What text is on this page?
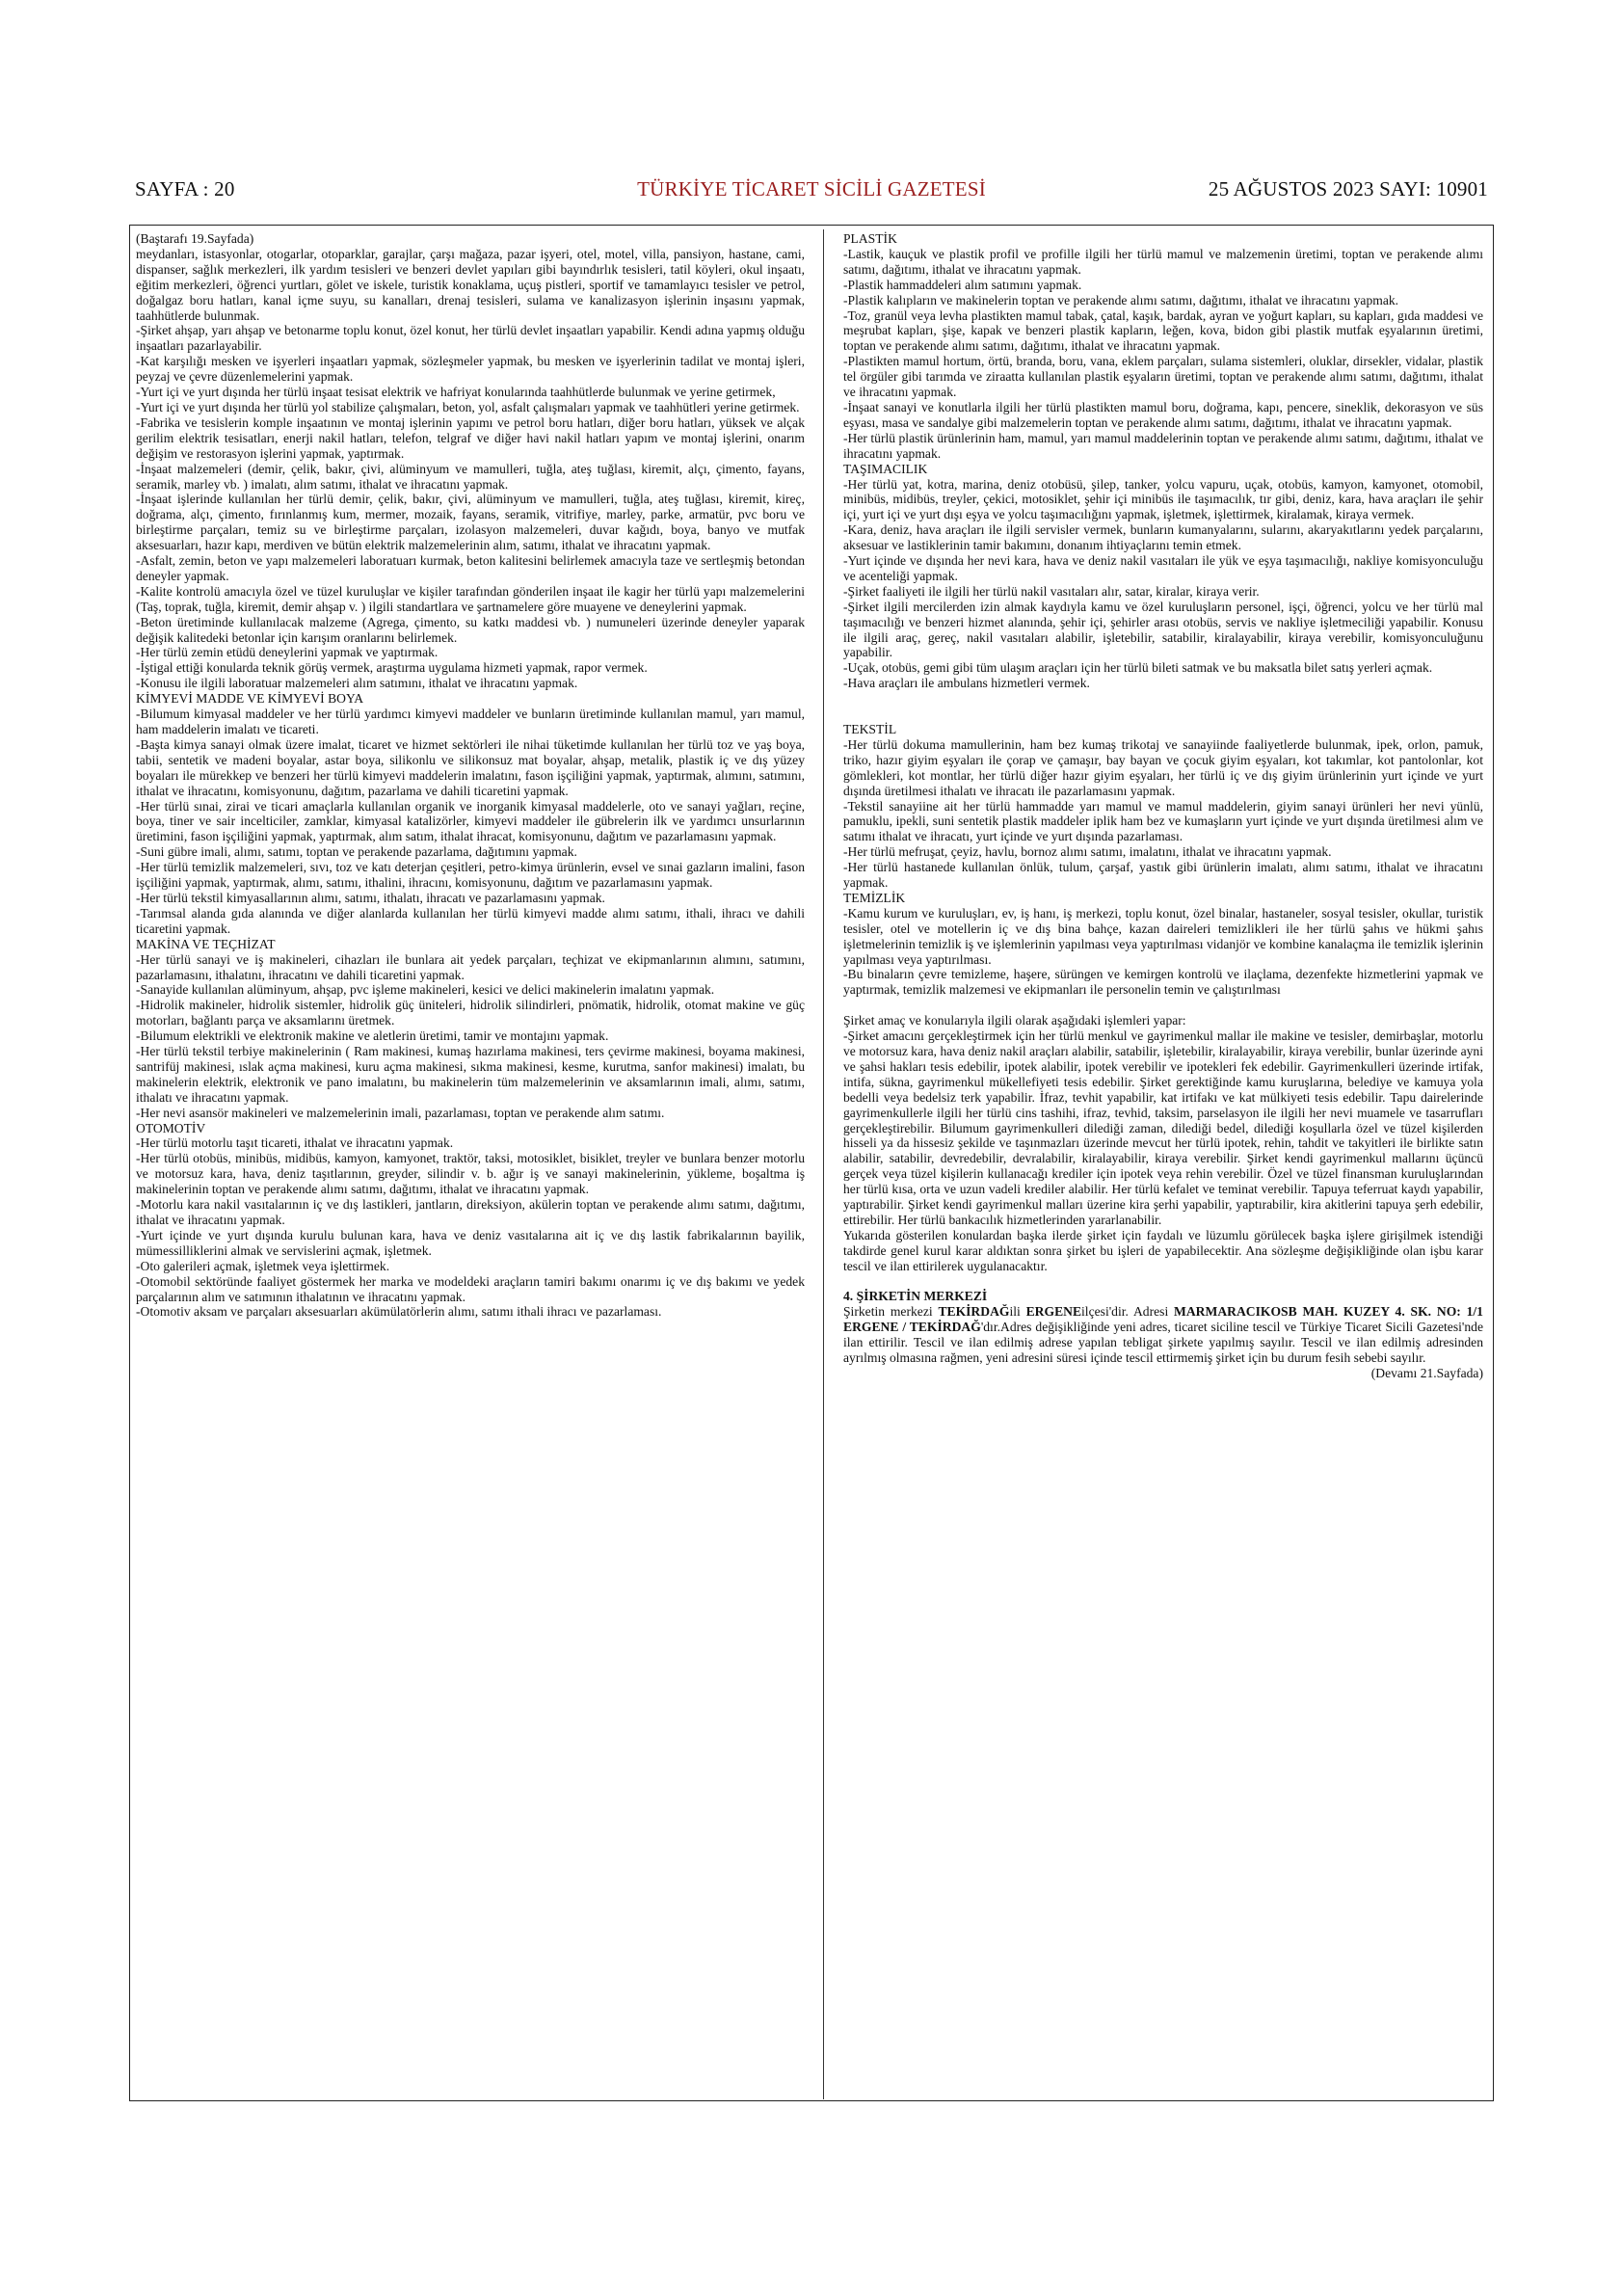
SAYFA : 20	TÜRKİYE TİCARET SİCİLİ GAZETESİ	25 AĞUSTOS 2023 SAYI: 10901

(Baştarafı 19.Sayfada)

meydanları, istasyonlar, otogarlar, otoparklar, garajlar, çarşı mağaza, pazar işyeri, otel, motel, villa, pansiyon, hastane, cami, dispanser, sağlık merkezleri, ilk yardım tesisleri ve benzeri devlet yapıları gibi bayındırlık tesisleri, tatil köyleri, okul inşaatı, eğitim merkezleri, öğrenci yurtları, gölet ve iskele, turistik konaklama, uçuş pistleri, sportif ve tamamlayıcı tesisler ve petrol, doğalgaz boru hatları, kanal içme suyu, su kanalları, drenaj tesisleri, sulama ve kanalizasyon işlerinin inşasını yapmak, taahhütlerde bulunmak.

-Şirket ahşap, yarı ahşap ve betonarme toplu konut, özel konut, her türlü devlet inşaatları yapabilir. Kendi adına yapmış olduğu inşaatları pazarlayabilir.

-Kat karşılığı mesken ve işyerleri inşaatları yapmak, sözleşmeler yapmak, bu mesken ve işyerlerinin tadilat ve montaj işleri, peyzaj ve çevre düzenlemelerini yapmak.

-Yurt içi ve yurt dışında her türlü inşaat tesisat elektrik ve hafriyat konularında taahhütlerde bulunmak ve yerine getirmek,

-Yurt içi ve yurt dışında her türlü yol stabilize çalışmaları, beton, yol, asfalt çalışmaları yapmak ve taahhütleri yerine getirmek.

-Fabrika ve tesislerin komple inşaatının ve montaj işlerinin yapımı ve petrol boru hatları, diğer boru hatları, yüksek ve alçak gerilim elektrik tesisatları, enerji nakil hatları, telefon, telgraf ve diğer havi nakil hatları yapım ve montaj işlerini, onarım değişim ve restorasyon işlerini yapmak, yaptırmak.

-İnşaat malzemeleri (demir, çelik, bakır, çivi, alüminyum ve mamulleri, tuğla, ateş tuğlası, kiremit, alçı, çimento, fayans, seramik, marley vb. ) imalatı, alım satımı, ithalat ve ihracatını yapmak.

-İnşaat işlerinde kullanılan her türlü demir, çelik, bakır, çivi, alüminyum ve mamulleri, tuğla, ateş tuğlası, kiremit, kireç, doğrama, alçı, çimento, fırınlanmış kum, mermer, mozaik, fayans, seramik, vitrifiye, marley, parke, armatür, pvc boru ve birleştirme parçaları, temiz su ve birleştirme parçaları, izolasyon malzemeleri, duvar kağıdı, boya, banyo ve mutfak aksesuarları, hazır kapı, merdiven ve bütün elektrik malzemelerinin alım, satımı, ithalat ve ihracatını yapmak.

-Asfalt, zemin, beton ve yapı malzemeleri laboratuarı kurmak, beton kalitesini belirlemek amacıyla taze ve sertleşmiş betondan deneyler yapmak.

-Kalite kontrolü amacıyla özel ve tüzel kuruluşlar ve kişiler tarafından gönderilen inşaat ile kagir her türlü yapı malzemelerini (Taş, toprak, tuğla, kiremit, demir ahşap v. ) ilgili standartlara ve şartnamelere göre muayene ve deneylerini yapmak.

-Beton üretiminde kullanılacak malzeme (Agrega, çimento, su katkı maddesi vb. ) numuneleri üzerinde deneyler yaparak değişik kalitedeki betonlar için karışım oranlarını belirlemek.

-Her türlü zemin etüdü deneylerini yapmak ve yaptırmak.

-İştigal ettiği konularda teknik görüş vermek, araştırma uygulama hizmeti yapmak, rapor vermek.

-Konusu ile ilgili laboratuar malzemeleri alım satımını, ithalat ve ihracatını yapmak.

KİMYEVİ MADDE VE KİMYEVİ BOYA

-Bilumum kimyasal maddeler ve her türlü yardımcı kimyevi maddeler ve bunların üretiminde kullanılan mamul, yarı mamul, ham maddelerin imalatı ve ticareti.

-Başta kimya sanayi olmak üzere imalat, ticaret ve hizmet sektörleri ile nihai tüketimde kullanılan her türlü toz ve yaş boya, tabii, sentetik ve madeni boyalar, astar boya, silikonlu ve silikonsuz mat boyalar, ahşap, metalik, plastik iç ve dış yüzey boyaları ile mürekkep ve benzeri her türlü kimyevi maddelerin imalatını, fason işçiliğini yapmak, yaptırmak, alımını, satımını, ithalat ve ihracatını, komisyonunu, dağıtım, pazarlama ve dahili ticaretini yapmak.

-Her türlü sınai, zirai ve ticari amaçlarla kullanılan organik ve inorganik kimyasal maddelerle, oto ve sanayi yağları, reçine, boya, tiner ve sair incelticiler, zamklar, kimyasal katalizörler, kimyevi maddeler ile gübrelerin ilk ve yardımcı unsurlarının üretimini, fason işçiliğini yapmak, yaptırmak, alım satım, ithalat ihracat, komisyonunu, dağıtım ve pazarlamasını yapmak.

-Suni gübre imali, alımı, satımı, toptan ve perakende pazarlama, dağıtımını yapmak.

-Her türlü temizlik malzemeleri, sıvı, toz ve katı deterjan çeşitleri, petro-kimya ürünlerin, evsel ve sınai gazların imalini, fason işçiliğini yapmak, yaptırmak, alımı, satımı, ithalini, ihracını, komisyonunu, dağıtım ve pazarlamasını yapmak.

-Her türlü tekstil kimyasallarının alımı, satımı, ithalatı, ihracatı ve pazarlamasını yapmak.

-Tarımsal alanda gıda alanında ve diğer alanlarda kullanılan her türlü kimyevi madde alımı satımı, ithali, ihracı ve dahili ticaretini yapmak.

MAKİNA VE TEÇHİZAT

-Her türlü sanayi ve iş makineleri, cihazları ile bunlara ait yedek parçaları, teçhizat ve ekipmanlarının alımını, satımını, pazarlamasını, ithalatını, ihracatını ve dahili ticaretini yapmak.

-Sanayide kullanılan alüminyum, ahşap, pvc işleme makineleri, kesici ve delici makinelerin imalatını yapmak.

-Hidrolik makineler, hidrolik sistemler, hidrolik güç üniteleri, hidrolik silindirleri, pnömatik, hidrolik, otomat makine ve güç motorları, bağlantı parça ve aksamlarını üretmek.

-Bilumum elektrikli ve elektronik makine ve aletlerin üretimi, tamir ve montajını yapmak.

-Her türlü tekstil terbiye makinelerinin ( Ram makinesi, kumaş hazırlama makinesi, ters çevirme makinesi, boyama makinesi, santrifüj makinesi, ıslak açma makinesi, kuru açma makinesi, sıkma makinesi, kesme, kurutma, sanfor makinesi) imalatı, bu makinelerin elektrik, elektronik ve pano imalatını, bu makinelerin tüm malzemelerinin ve aksamlarının imali, alımı, satımı, ithalatı ve ihracatını yapmak.

-Her nevi asansör makineleri ve malzemelerinin imali, pazarlaması, toptan ve perakende alım satımı.

OTOMOTİV

-Her türlü motorlu taşıt ticareti, ithalat ve ihracatını yapmak.

-Her türlü otobüs, minibüs, midibüs, kamyon, kamyonet, traktör, taksi, motosiklet, bisiklet, treyler ve bunlara benzer motorlu ve motorsuz kara, hava, deniz taşıtlarının, greyder, silindir v. b. ağır iş ve sanayi makinelerinin, yükleme, boşaltma iş makinelerinin toptan ve perakende alımı satımı, dağıtımı, ithalat ve ihracatını yapmak.

-Motorlu kara nakil vasıtalarının iç ve dış lastikleri, jantların, direksiyon, akülerin toptan ve perakende alımı satımı, dağıtımı, ithalat ve ihracatını yapmak.

-Yurt içinde ve yurt dışında kurulu bulunan kara, hava ve deniz vasıtalarına ait iç ve dış lastik fabrikalarının bayilik, mümessilliklerini almak ve servislerini açmak, işletmek.

-Oto galerileri açmak, işletmek veya işlettirmek.

-Otomobil sektöründe faaliyet göstermek her marka ve modeldeki araçların tamiri bakımı onarımı iç ve dış bakımı ve yedek parçalarının alım ve satımının ithalatının ve ihracatını yapmak.

-Otomotiv aksam ve parçaları aksesuarları akümülatörlerin alımı, satımı ithali ihracı ve pazarlaması.

PLASTİK

-Lastik, kauçuk ve plastik profil ve profille ilgili her türlü mamul ve malzemenin üretimi, toptan ve perakende alımı satımı, dağıtımı, ithalat ve ihracatını yapmak.

-Plastik hammaddeleri alım satımını yapmak.

-Plastik kalıpların ve makinelerin toptan ve perakende alımı satımı, dağıtımı, ithalat ve ihracatını yapmak.

-Toz, granül veya levha plastikten mamul tabak, çatal, kaşık, bardak, ayran ve yoğurt kapları, su kapları, gıda maddesi ve meşrubat kapları, şişe, kapak ve benzeri plastik kapların, leğen, kova, bidon gibi plastik mutfak eşyalarının üretimi, toptan ve perakende alımı satımı, dağıtımı, ithalat ve ihracatını yapmak.

-Plastikten mamul hortum, örtü, branda, boru, vana, eklem parçaları, sulama sistemleri, oluklar, dirsekler, vidalar, plastik tel örgüler gibi tarımda ve ziraatta kullanılan plastik eşyaların üretimi, toptan ve perakende alımı satımı, dağıtımı, ithalat ve ihracatını yapmak.

-İnşaat sanayi ve konutlarla ilgili her türlü plastikten mamul boru, doğrama, kapı, pencere, sineklik, dekorasyon ve süs eşyası, masa ve sandalye gibi malzemelerin toptan ve perakende alımı satımı, dağıtımı, ithalat ve ihracatını yapmak.

-Her türlü plastik ürünlerinin ham, mamul, yarı mamul maddelerinin toptan ve perakende alımı satımı, dağıtımı, ithalat ve ihracatını yapmak.

TAŞIMACILIK

-Her türlü yat, kotra, marina, deniz otobüsü, şilep, tanker, yolcu vapuru, uçak, otobüs, kamyon, kamyonet, otomobil, minibüs, midibüs, treyler, çekici, motosiklet, şehir içi minibüs ile taşımacılık, tır gibi, deniz, kara, hava araçları ile şehir içi, yurt içi ve yurt dışı eşya ve yolcu taşımacılığını yapmak, işletmek, işlettirmek, kiralamak, kiraya vermek.

-Kara, deniz, hava araçları ile ilgili servisler vermek, bunların kumanyalarını, sularını, akaryakıtlarını yedek parçalarını, aksesuar ve lastiklerinin tamir bakımını, donanım ihtiyaçlarını temin etmek.

-Yurt içinde ve dışında her nevi kara, hava ve deniz nakil vasıtaları ile yük ve eşya taşımacılığı, nakliye komisyonculuğu ve acenteliği yapmak.

-Şirket faaliyeti ile ilgili her türlü nakil vasıtaları alır, satar, kiralar, kiraya verir.

-Şirket ilgili mercilerden izin almak kaydıyla kamu ve özel kuruluşların personel, işçi, öğrenci, yolcu ve her türlü mal taşımacılığı ve benzeri hizmet alanında, şehir içi, şehirler arası otobüs, servis ve nakliye işletmeciliği yapabilir. Konusu ile ilgili araç, gereç, nakil vasıtaları alabilir, işletebilir, satabilir, kiralayabilir, kiraya verebilir, komisyonculuğunu yapabilir.

-Uçak, otobüs, gemi gibi tüm ulaşım araçları için her türlü bileti satmak ve bu maksatla bilet satış yerleri açmak.

-Hava araçları ile ambulans hizmetleri vermek.

TEKSTİL

-Her türlü dokuma mamullerinin, ham bez kumaş trikotaj ve sanayiinde faaliyetlerde bulunmak, ipek, orlon, pamuk, triko, hazır giyim eşyaları ile çorap ve çamaşır, bay bayan ve çocuk giyim eşyaları, kot takımlar, kot pantolonlar, kot gömlekleri, kot montlar, her türlü diğer hazır giyim eşyaları, her türlü iç ve dış giyim ürünlerinin yurt içinde ve yurt dışında üretilmesi ithalatı ve ihracatı ile pazarlamasını yapmak.

-Tekstil sanayiine ait her türlü hammadde yarı mamul ve mamul maddelerin, giyim sanayi ürünleri her nevi yünlü, pamuklu, ipekli, suni sentetik plastik maddeler iplik ham bez ve kumaşların yurt içinde ve yurt dışında üretilmesi alım ve satımı ithalat ve ihracatı, yurt içinde ve yurt dışında pazarlaması.

-Her türlü mefruşat, çeyiz, havlu, bornoz alımı satımı, imalatını, ithalat ve ihracatını yapmak.

-Her türlü hastanede kullanılan önlük, tulum, çarşaf, yastık gibi ürünlerin imalatı, alımı satımı, ithalat ve ihracatını yapmak.

TEMİZLİK

-Kamu kurum ve kuruluşları, ev, iş hanı, iş merkezi, toplu konut, özel binalar, hastaneler, sosyal tesisler, okullar, turistik tesisler, otel ve motellerin iç ve dış bina bahçe, kazan daireleri temizlikleri ile her türlü şahıs ve hükmi şahıs işletmelerinin temizlik iş ve işlemlerinin yapılması veya yaptırılması vidanjör ve kombine kanalaçma ile temizlik işlerinin yapılması veya yaptırılması.

-Bu binaların çevre temizleme, haşere, sürüngen ve kemirgen kontrolü ve ilaçlama, dezenfekte hizmetlerini yapmak ve yaptırmak, temizlik malzemesi ve ekipmanları ile personelin temin ve çalıştırılması

Şirket amaç ve konularıyla ilgili olarak aşağıdaki işlemleri yapar:

-Şirket amacını gerçekleştirmek için her türlü menkul ve gayrimenkul mallar ile makine ve tesisler, demirbaşlar, motorlu ve motorsuz kara, hava deniz nakil araçları alabilir, satabilir, işletebilir, kiralayabilir, kiraya verebilir, bunlar üzerinde ayni ve şahsi hakları tesis edebilir, ipotek alabilir, ipotek verebilir ve ipotekleri fek edebilir. Gayrimenkulleri üzerinde irtifak, intifa, sükna, gayrimenkul mükellefiyeti tesis edebilir. Şirket gerektiğinde kamu kuruşlarına, belediye ve kamuya yola bedelli veya bedelsiz terk yapabilir. İfraz, tevhit yapabilir, kat irtifakı ve kat mülkiyeti tesis edebilir. Tapu dairelerinde gayrimenkullerle ilgili her türlü cins tashihi, ifraz, tevhid, taksim, parselasyon ile ilgili her nevi muamele ve tasarrufları gerçekleştirebilir. Bilumum gayrimenkulleri dilediği zaman, dilediği bedel, dilediği koşullarla özel ve tüzel kişilerden hisseli ya da hissesiz şekilde ve taşınmazları üzerinde mevcut her türlü ipotek, rehin, tahdit ve takyitleri ile birlikte satın alabilir, satabilir, devredebilir, devralabilir, kiralayabilir, kiraya verebilir. Şirket kendi gayrimenkul mallarını üçüncü gerçek veya tüzel kişilerin kullanacağı krediler için ipotek veya rehin verebilir. Özel ve tüzel finansman kuruluşlarından her türlü kısa, orta ve uzun vadeli krediler alabilir. Her türlü kefalet ve teminat verebilir. Tapuya teferruat kaydı yapabilir, yaptırabilir. Şirket kendi gayrimenkul malları üzerine kira şerhi yapabilir, yaptırabilir, kira akitlerini tapuya şerh edebilir, ettirebilir. Her türlü bankacılık hizmetlerinden yararlanabilir.

Yukarıda gösterilen konulardan başka ilerde şirket için faydalı ve lüzumlu görülecek başka işlere girişilmek istendiği takdirde genel kurul karar aldıktan sonra şirket bu işleri de yapabilecektir. Ana sözleşme değişikliğinde olan işbu karar tescil ve ilan ettirilerek uygulanacaktır.

4. ŞİRKETİN MERKEZİ

Şirketin merkezi TEKİRDAĞili ERGENEilçesi'dir. Adresi MARMARACIKOSB MAH. KUZEY 4. SK. NO: 1/1 ERGENE / TEKİRDAĞ'dır.Adres değişikliğinde yeni adres, ticaret siciline tescil ve Türkiye Ticaret Sicili Gazetesi'nde ilan ettirilir. Tescil ve ilan edilmiş adrese yapılan tebligat şirkete yapılmış sayılır. Tescil ve ilan edilmiş adresinden ayrılmış olmasına rağmen, yeni adresini süresi içinde tescil ettirmemiş şirket için bu durum fesih sebebi sayılır.

(Devamı 21.Sayfada)
